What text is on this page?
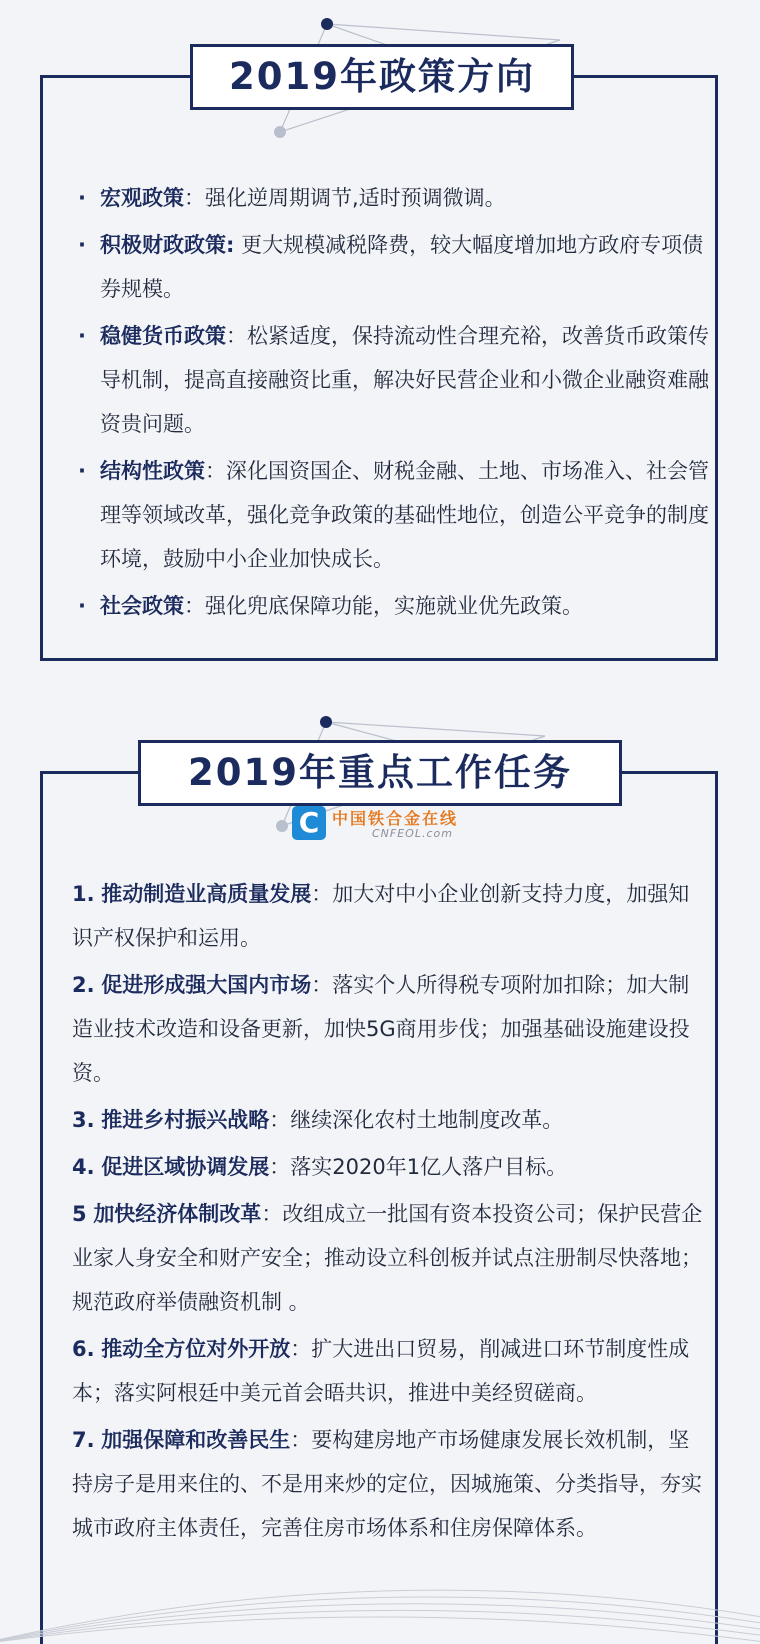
2019年政策方向
· 宏观政策：强化逆周期调节,适时预调微调。
· 积极财政政策: 更大规模减税降费，较大幅度增加地方政府专项债券规模。
· 稳健货币政策：松紧适度，保持流动性合理充裕，改善货币政策传导机制，提高直接融资比重，解决好民营企业和小微企业融资难融资贵问题。
· 结构性政策：深化国资国企、财税金融、土地、市场准入、社会管理等领域改革，强化竞争政策的基础性地位，创造公平竞争的制度环境，鼓励中小企业加快成长。
· 社会政策：强化兜底保障功能，实施就业优先政策。
2019年重点工作任务
C 中国铁合金在线
CNFEOL.com
1. 推动制造业高质量发展：加大对中小企业创新支持力度，加强知识产权保护和运用。
2. 促进形成强大国内市场：落实个人所得税专项附加扣除；加大制造业技术改造和设备更新，加快5G商用步伐；加强基础设施建设投资。
3. 推进乡村振兴战略：继续深化农村土地制度改革。
4. 促进区域协调发展：落实2020年1亿人落户目标。
5 加快经济体制改革：改组成立一批国有资本投资公司；保护民营企业家人身安全和财产安全；推动设立科创板并试点注册制尽快落地；规范政府举债融资机制 。
6. 推动全方位对外开放：扩大进出口贸易，削减进口环节制度性成本；落实阿根廷中美元首会晤共识，推进中美经贸磋商。
7. 加强保障和改善民生：要构建房地产市场健康发展长效机制，坚持房子是用来住的、不是用来炒的定位，因城施策、分类指导，夯实城市政府主体责任，完善住房市场体系和住房保障体系。
